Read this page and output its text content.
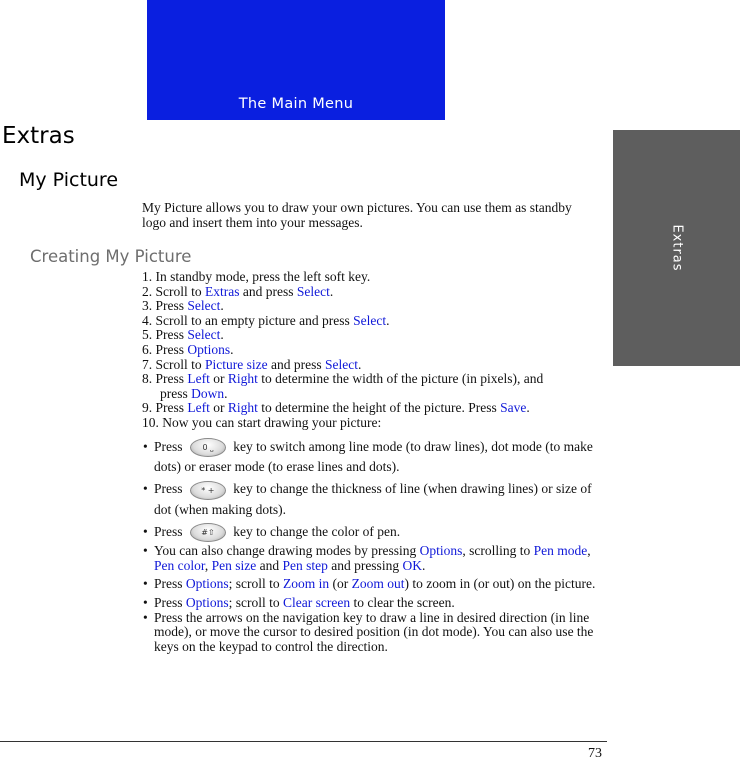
The Main Menu
Extras
Extras
My Picture
My Picture allows you to draw your own pictures. You can use them as standby logo and insert them into your messages.
Creating My Picture
1. In standby mode, press the left soft key.
2. Scroll to Extras and press Select.
3. Press Select.
4. Scroll to an empty picture and press Select.
5. Press Select.
6. Press Options.
7. Scroll to Picture size and press Select.
8. Press Left or Right to determine the width of the picture (in pixels), and
press Down.
9. Press Left or Right to determine the height of the picture. Press Save.
10. Now you can start drawing your picture:
• Press 0 ⎵ key to switch among line mode (to draw lines), dot mode (to make dots) or eraser mode (to erase lines and dots).
• Press * + key to change the thickness of line (when drawing lines) or size of dot (when making dots).
• Press #⇧ key to change the color of pen.
• You can also change drawing modes by pressing Options, scrolling to Pen mode, Pen color, Pen size and Pen step and pressing OK.
• Press Options; scroll to Zoom in (or Zoom out) to zoom in (or out) on the picture.
• Press Options; scroll to Clear screen to clear the screen.
• Press the arrows on the navigation key to draw a line in desired direction (in line mode), or move the cursor to desired position (in dot mode). You can also use the keys on the keypad to control the direction.
73
